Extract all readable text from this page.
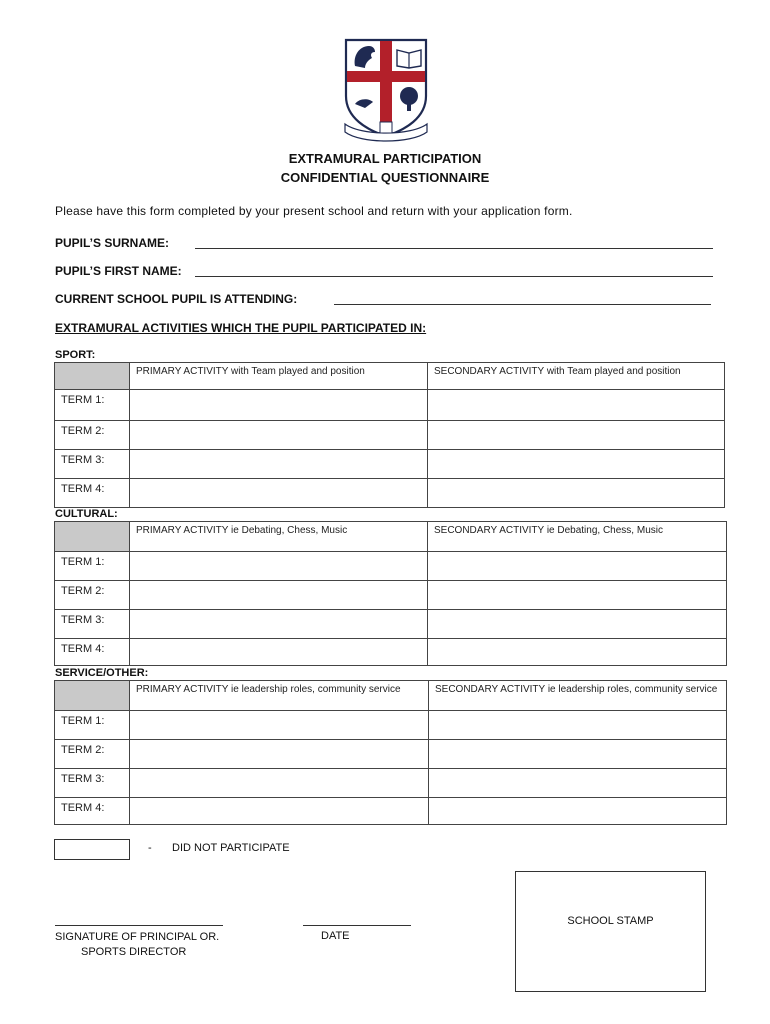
EXTRAMURAL PARTICIPATION
CONFIDENTIAL QUESTIONNAIRE
Please have this form completed by your present school and return with your application form.
PUPIL’S SURNAME:
PUPIL’S FIRST NAME:
CURRENT SCHOOL PUPIL IS ATTENDING:
EXTRAMURAL ACTIVITIES WHICH THE PUPIL PARTICIPATED IN:
SPORT:
	PRIMARY ACTIVITY with Team played and position	SECONDARY ACTIVITY with Team played and position
TERM 1:		
TERM 2:		
TERM 3:		
TERM 4:		
CULTURAL:
	PRIMARY ACTIVITY ie Debating, Chess, Music	SECONDARY ACTIVITY ie Debating, Chess, Music
TERM 1:		
TERM 2:		
TERM 3:		
TERM 4:		
SERVICE/OTHER:
	PRIMARY ACTIVITY ie leadership roles, community service	SECONDARY ACTIVITY ie leadership roles, community service
TERM 1:		
TERM 2:		
TERM 3:		
TERM 4:		
- DID NOT PARTICIPATE
SIGNATURE OF PRINCIPAL OR.
SPORTS DIRECTOR
DATE
SCHOOL STAMP
